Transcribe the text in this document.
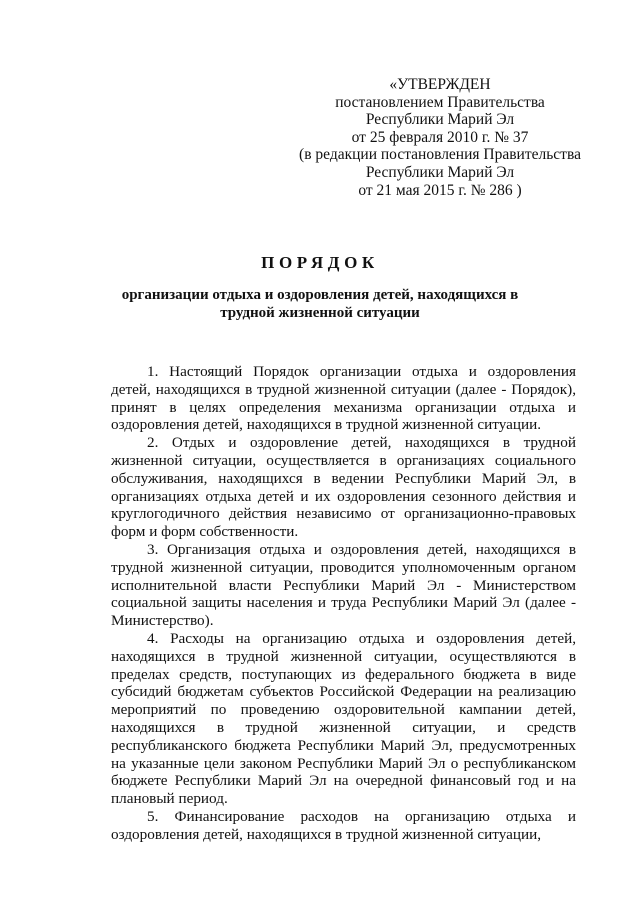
«УТВЕРЖДЕН
постановлением Правительства
Республики Марий Эл
от 25 февраля 2010 г. № 37
(в редакции постановления Правительства
Республики Марий Эл
от 21 мая 2015 г. № 286 )
ПОРЯДОК
организации отдыха и оздоровления детей, находящихся в трудной жизненной ситуации

1. Настоящий Порядок организации отдыха и оздоровления детей, находящихся в трудной жизненной ситуации (далее - Порядок), принят в целях определения механизма организации отдыха и оздоровления детей, находящихся в трудной жизненной ситуации.

2. Отдых и оздоровление детей, находящихся в трудной жизненной ситуации, осуществляется в организациях социального обслуживания, находящихся в ведении Республики Марий Эл, в организациях отдыха детей и их оздоровления сезонного действия и круглогодичного действия независимо от организационно-правовых форм и форм собственности.

3. Организация отдыха и оздоровления детей, находящихся в трудной жизненной ситуации, проводится уполномоченным органом исполнительной власти Республики Марий Эл - Министерством социальной защиты населения и труда Республики Марий Эл (далее - Министерство).

4. Расходы на организацию отдыха и оздоровления детей, находящихся в трудной жизненной ситуации, осуществляются в пределах средств, поступающих из федерального бюджета в виде субсидий бюджетам субъектов Российской Федерации на реализацию мероприятий по проведению оздоровительной кампании детей, находящихся в трудной жизненной ситуации, и средств республиканского бюджета Республики Марий Эл, предусмотренных на указанные цели законом Республики Марий Эл о республиканском бюджете Республики Марий Эл на очередной финансовый год и на плановый период.

5. Финансирование расходов на организацию отдыха и оздоровления детей, находящихся в трудной жизненной ситуации,
